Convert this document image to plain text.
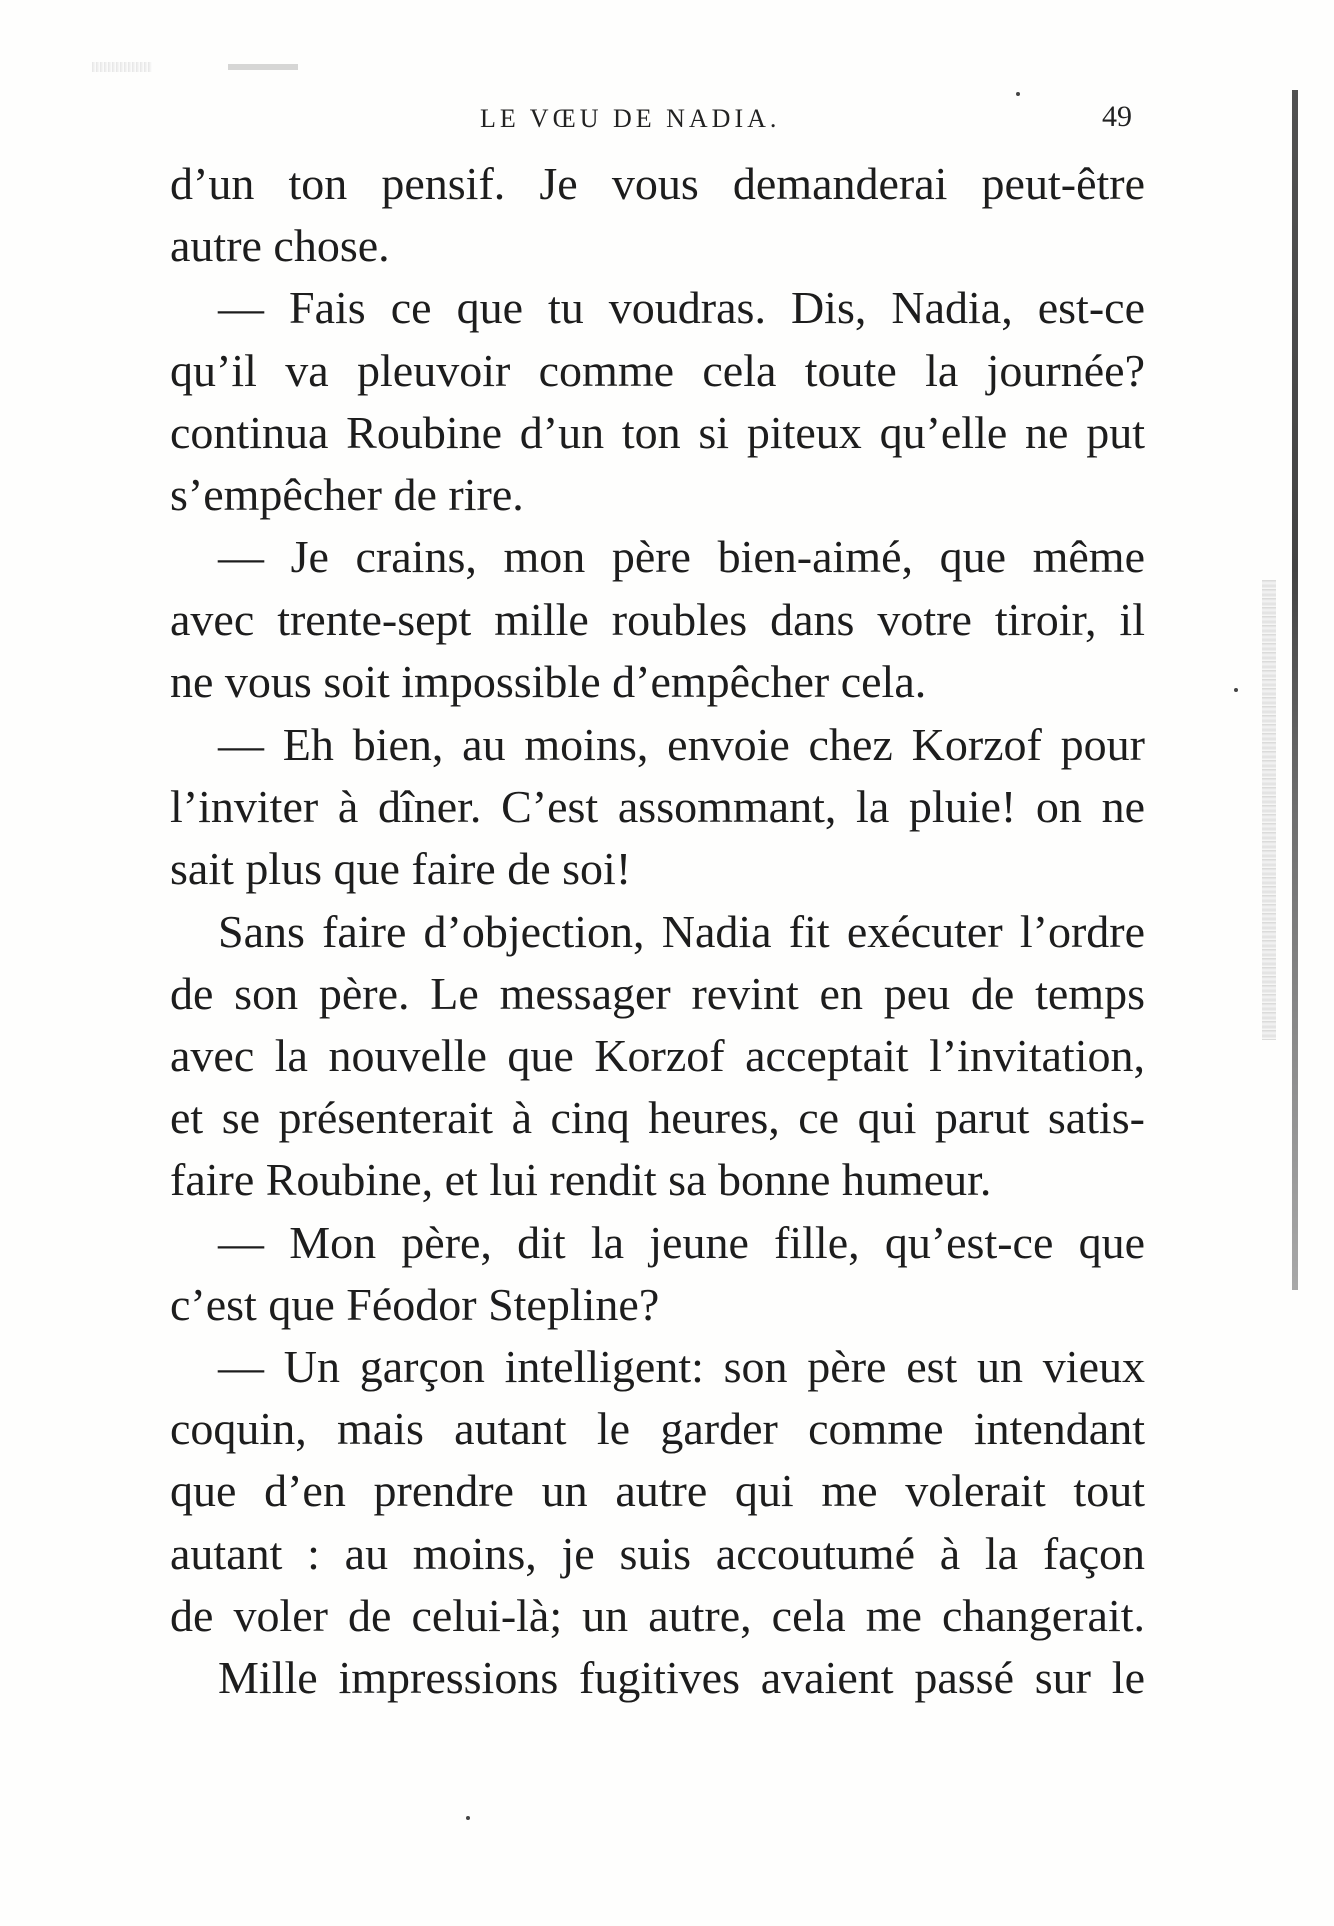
LE VŒU DE NADIA.	49
d’un ton pensif. Je vous demanderai peut-être
autre chose.
— Fais ce que tu voudras. Dis, Nadia, est-ce
qu’il va pleuvoir comme cela toute la journée?
continua Roubine d’un ton si piteux qu’elle ne put
s’empêcher de rire.
— Je crains, mon père bien-aimé, que même
avec trente-sept mille roubles dans votre tiroir, il
ne vous soit impossible d’empêcher cela.
— Eh bien, au moins, envoie chez Korzof pour
l’inviter à dîner. C’est assommant, la pluie! on ne
sait plus que faire de soi!
Sans faire d’objection, Nadia fit exécuter l’ordre
de son père. Le messager revint en peu de temps
avec la nouvelle que Korzof acceptait l’invitation,
et se présenterait à cinq heures, ce qui parut satis-
faire Roubine, et lui rendit sa bonne humeur.
— Mon père, dit la jeune fille, qu’est-ce que
c’est que Féodor Stepline?
— Un garçon intelligent: son père est un vieux
coquin, mais autant le garder comme intendant
que d’en prendre un autre qui me volerait tout
autant : au moins, je suis accoutumé à la façon
de voler de celui-là; un autre, cela me changerait.
Mille impressions fugitives avaient passé sur le
